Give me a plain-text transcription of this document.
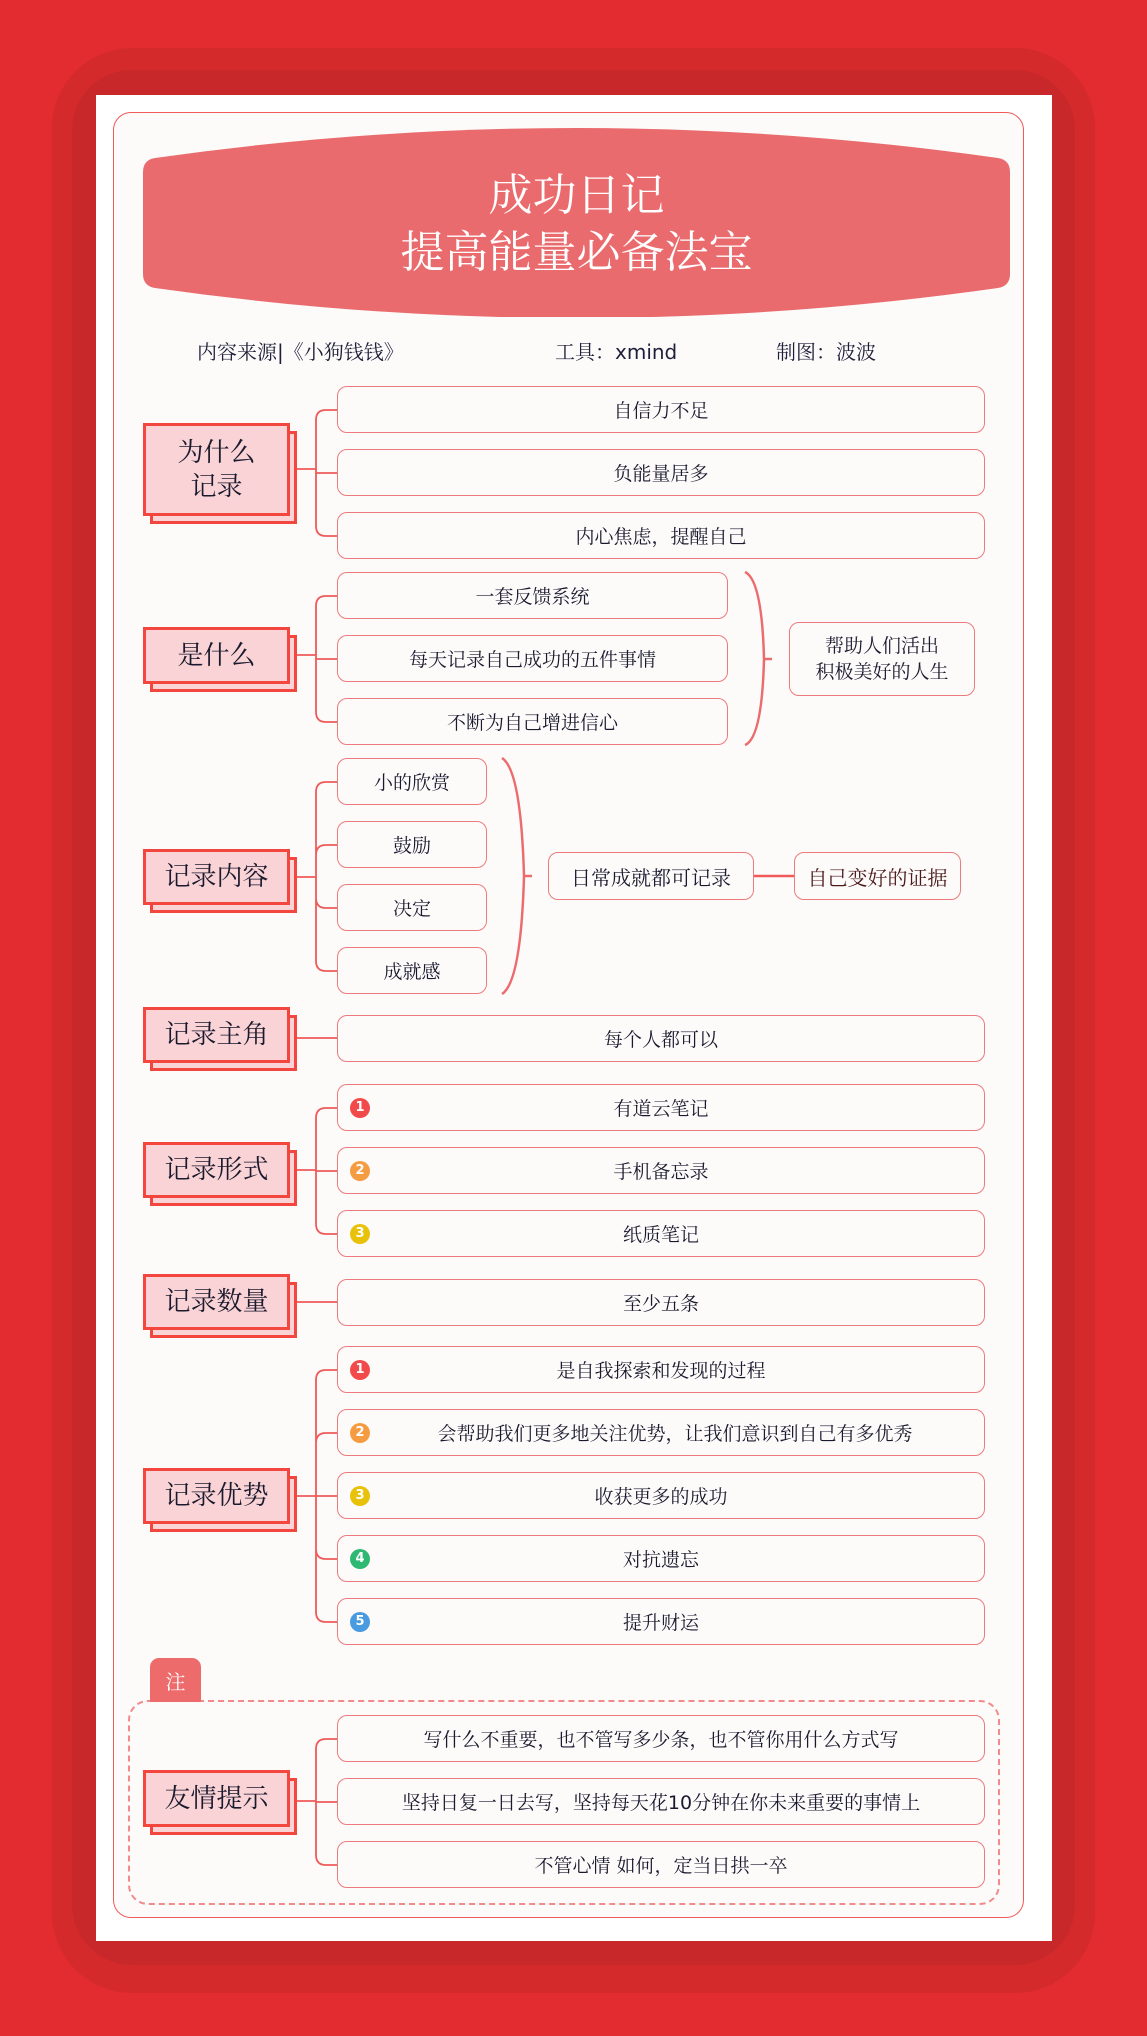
成功日记
提高能量必备法宝
内容来源|《小狗钱钱》	工具：xmind	制图：波波
为什么
记录
自信力不足
负能量居多
内心焦虑，提醒自己
是什么
一套反馈系统
每天记录自己成功的五件事情
不断为自己增进信心
帮助人们活出
积极美好的人生
记录内容
小的欣赏
鼓励
决定
成就感
日常成就都可记录	自己变好的证据
记录主角	每个人都可以
记录形式
1	有道云笔记
2	手机备忘录
3	纸质笔记
记录数量	至少五条
记录优势
1	是自我探索和发现的过程
2	会帮助我们更多地关注优势，让我们意识到自己有多优秀
3	收获更多的成功
4	对抗遗忘
5	提升财运
注
友情提示
写什么不重要，也不管写多少条，也不管你用什么方式写
坚持日复一日去写，坚持每天花10分钟在你未来重要的事情上
不管心情 如何，定当日拱一卒
